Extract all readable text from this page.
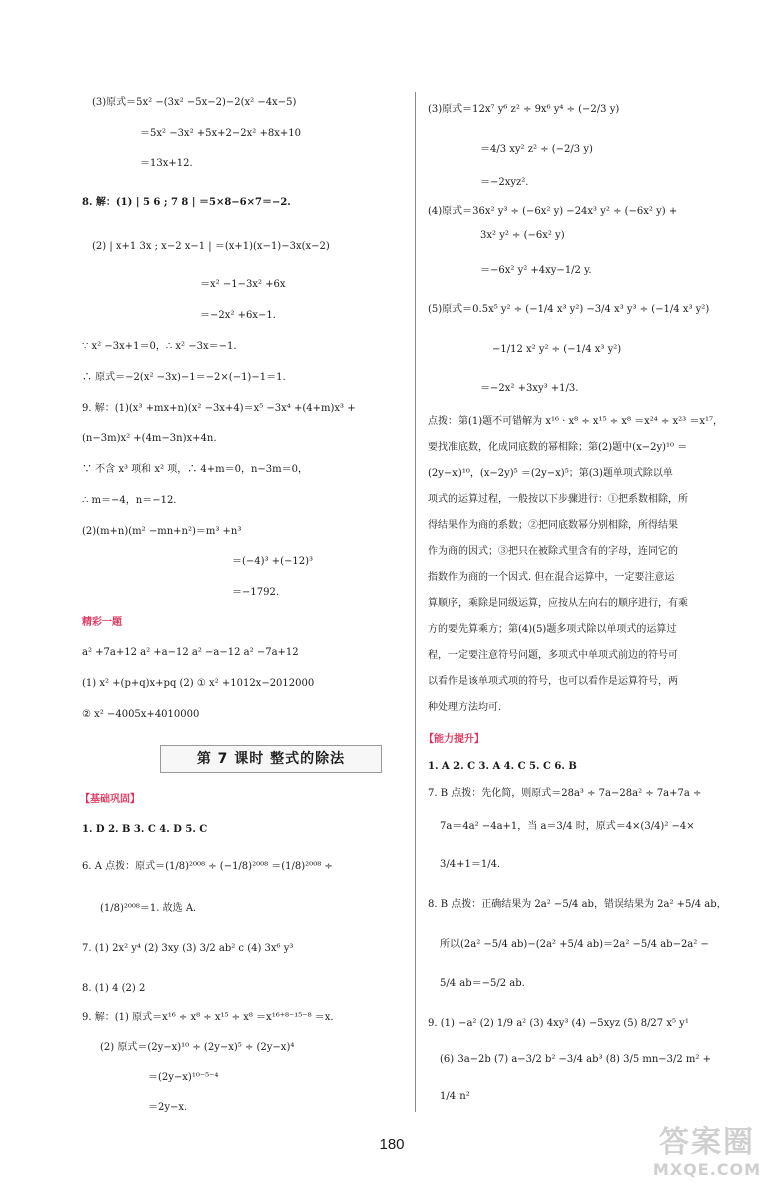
(3)原式＝5x² −(3x² −5x−2)−2(x² −4x−5)
＝5x² −3x² +5x+2−2x² +8x+10
＝13x+12.
8. 解：(1) | 5 6 ; 7 8 | ＝5×8−6×7＝−2.
(2) | x+1 3x ; x−2 x−1 | ＝(x+1)(x−1)−3x(x−2)
＝x² −1−3x² +6x
＝−2x² +6x−1.
∵ x² −3x+1＝0，∴ x² −3x＝−1.
∴ 原式＝−2(x² −3x)−1＝−2×(−1)−1＝1.
9. 解：(1)(x³ +mx+n)(x² −3x+4)＝x⁵ −3x⁴ +(4+m)x³ +
(n−3m)x² +(4m−3n)x+4n.
∵ 不含 x³ 项和 x² 项，∴ 4+m＝0，n−3m＝0，
∴ m＝−4，n＝−12.
(2)(m+n)(m² −mn+n²)＝m³ +n³
＝(−4)³ +(−12)³
＝−1792.
精彩一题
a² +7a+12 a² +a−12 a² −a−12 a² −7a+12
(1) x² +(p+q)x+pq (2) ① x² +1012x−2012000
② x² −4005x+4010000
第 7 课时 整式的除法
【基础巩固】
1. D 2. B 3. C 4. D 5. C
6. A 点拨：原式＝(1/8)²⁰⁰⁸ ÷ (−1/8)²⁰⁰⁸ ＝(1/8)²⁰⁰⁸ ÷
(1/8)²⁰⁰⁸＝1. 故选 A.
7. (1) 2x² y⁴ (2) 3xy (3) 3/2 ab² c (4) 3x⁶ y³
8. (1) 4 (2) 2
9. 解：(1) 原式＝x¹⁶ ÷ x⁸ ÷ x¹⁵ ÷ x⁸ ＝x¹⁶⁺⁸⁻¹⁵⁻⁸ ＝x.
(2) 原式＝(2y−x)¹⁰ ÷ (2y−x)⁵ ÷ (2y−x)⁴
＝(2y−x)¹⁰⁻⁵⁻⁴
＝2y−x.
(3)原式＝12x⁷ y⁶ z² ÷ 9x⁶ y⁴ ÷ (−2/3 y)
＝4/3 xy² z² ÷ (−2/3 y)
＝−2xyz².
(4)原式＝36x² y³ ÷ (−6x² y) −24x³ y² ÷ (−6x² y) +
3x² y² ÷ (−6x² y)
＝−6x² y² +4xy−1/2 y.
(5)原式＝0.5x⁵ y² ÷ (−1/4 x³ y²) −3/4 x³ y³ ÷ (−1/4 x³ y²)
−1/12 x² y² ÷ (−1/4 x³ y²)
＝−2x² +3xy³ +1/3.
点拨：第(1)题不可错解为 x¹⁶ · x⁸ ÷ x¹⁵ ÷ x⁸ ＝x²⁴ ÷ x²³ ＝x¹⁷，
要找准底数，化成同底数的幂相除；第(2)题中(x−2y)¹⁰ ＝
(2y−x)¹⁰，(x−2y)⁵ ＝(2y−x)⁵；第(3)题单项式除以单
项式的运算过程，一般按以下步骤进行：①把系数相除，所
得结果作为商的系数；②把同底数幂分别相除，所得结果
作为商的因式；③把只在被除式里含有的字母，连同它的
指数作为商的一个因式. 但在混合运算中，一定要注意运
算顺序，乘除是同级运算，应按从左向右的顺序进行，有乘
方的要先算乘方；第(4)(5)题多项式除以单项式的运算过
程，一定要注意符号问题，多项式中单项式前边的符号可
以看作是该单项式项的符号，也可以看作是运算符号，两
种处理方法均可.
【能力提升】
1. A 2. C 3. A 4. C 5. C 6. B
7. B 点拨：先化简，则原式＝28a³ ÷ 7a−28a² ÷ 7a+7a ÷
7a＝4a² −4a+1，当 a＝3/4 时，原式＝4×(3/4)² −4×
3/4+1＝1/4.
8. B 点拨：正确结果为 2a² −5/4 ab，错误结果为 2a² +5/4 ab，
所以(2a² −5/4 ab)−(2a² +5/4 ab)＝2a² −5/4 ab−2a² −
5/4 ab＝−5/2 ab.
9. (1) −a² (2) 1/9 a² (3) 4xy³ (4) −5xyz (5) 8/27 x⁵ y¹
(6) 3a−2b (7) a−3/2 b² −3/4 ab³ (8) 3/5 mn−3/2 m² +
1/4 n²
180	答案圈
MXQE.COM
